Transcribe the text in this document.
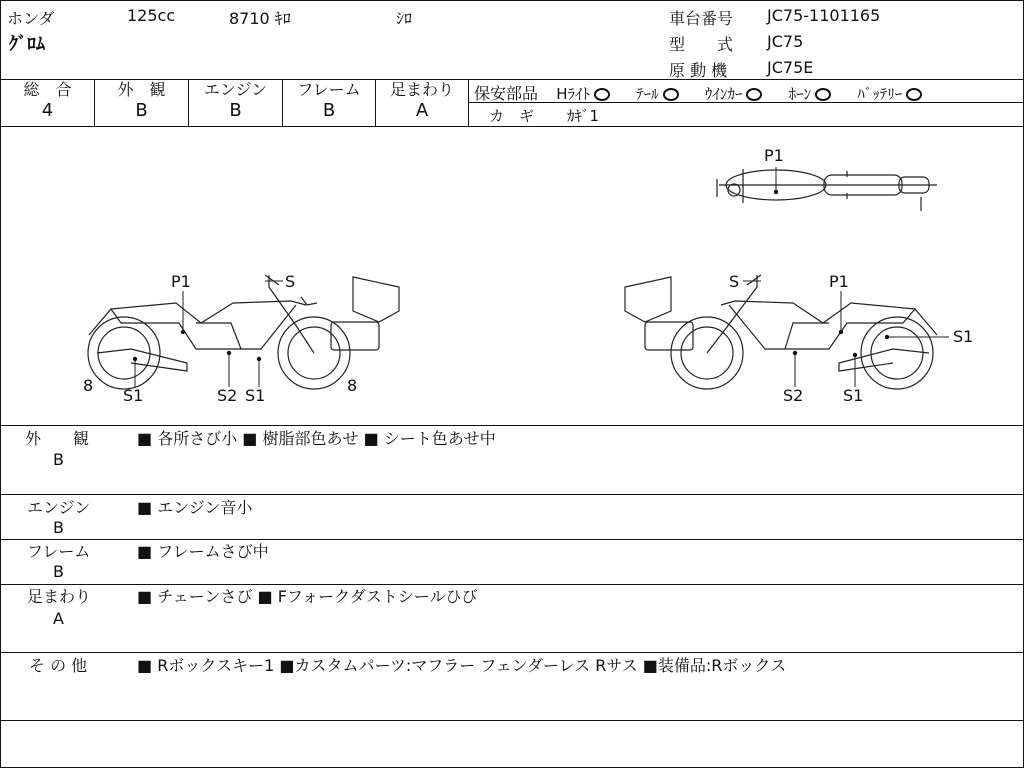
ホンダ	125cc	8710 ｷﾛ	ｼﾛ
ｸﾞﾛﾑ
車台番号 JC75-1101165
型　　式 JC75
原 動 機 JC75E
総　合
4
外　観
B
エンジン
B
フレーム
B
足まわり
A
保安部品 Hﾗｲﾄ	ﾃｰﾙ	ｳｲﾝｶｰ	ﾎｰﾝ	ﾊﾞｯﾃﾘｰ
カ　ギ ｶｷﾞ1
P1
P1	S
8
S1	S2 S1
8
S	P1
S1
S2 S1
外　　観
B
■ 各所さび小 ■ 樹脂部色あせ ■ シート色あせ中
エンジン
B
■ エンジン音小
フレーム
B
■ フレームさび中
足まわり
A
■ チェーンさび ■ Fフォークダストシールひび
そ の 他	■ Rボックスキー1 ■カスタムパーツ:マフラー フェンダーレス Rサス ■装備品:Rボックス
